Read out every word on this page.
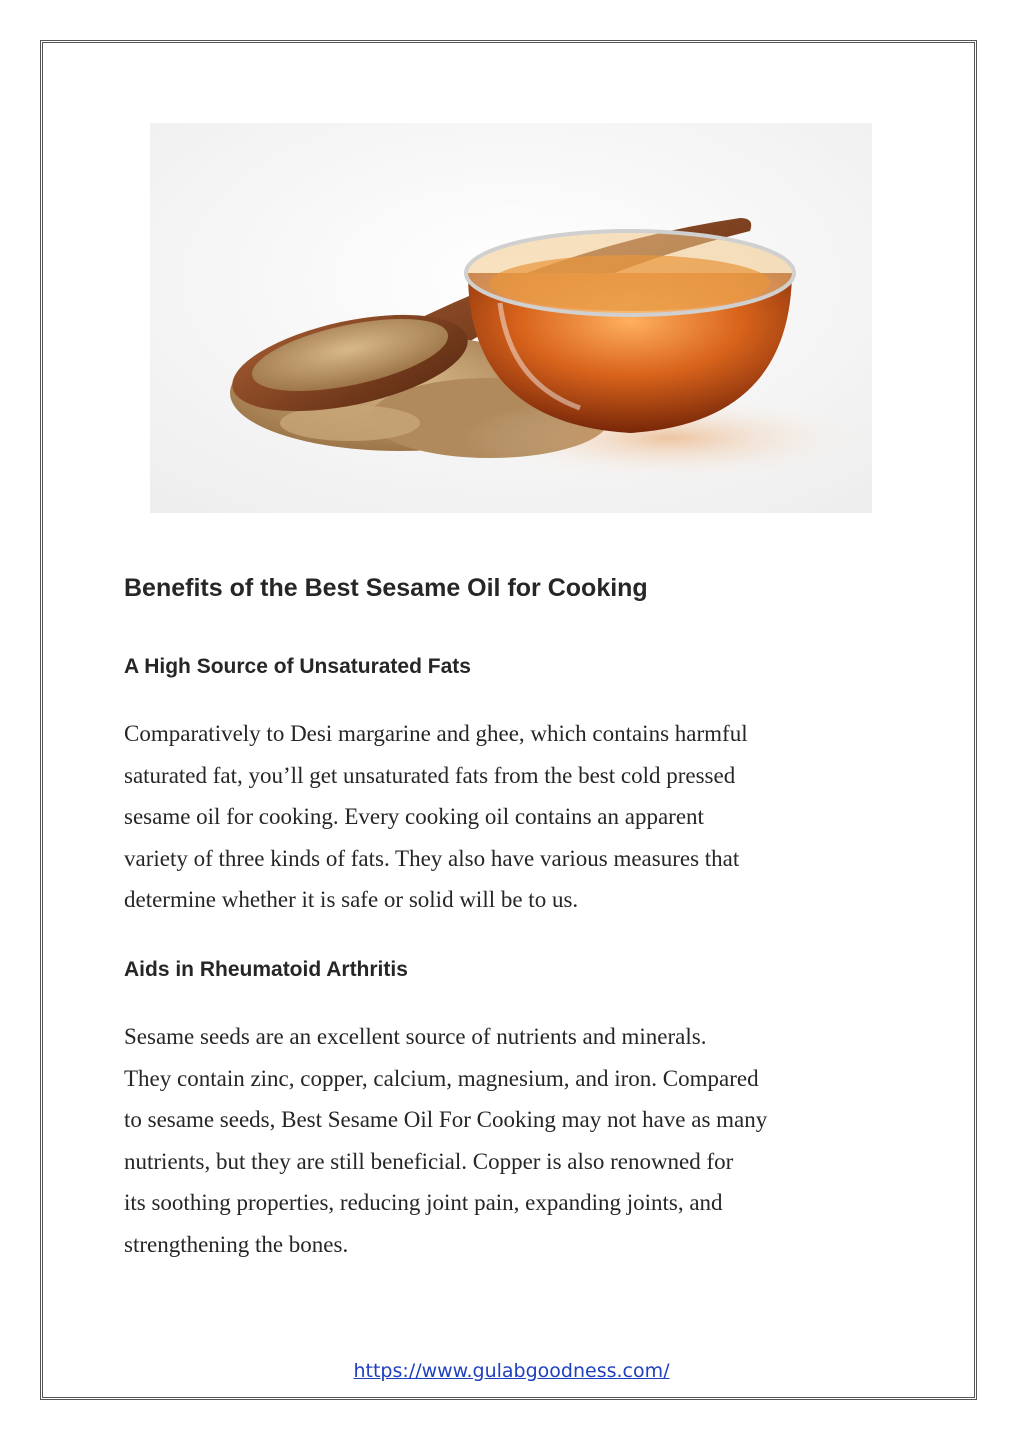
Benefits of the Best Sesame Oil for Cooking
A High Source of Unsaturated Fats

Comparatively to Desi margarine and ghee, which contains harmful
saturated fat, you’ll get unsaturated fats from the best cold pressed
sesame oil for cooking. Every cooking oil contains an apparent
variety of three kinds of fats. They also have various measures that
determine whether it is safe or solid will be to us.

Aids in Rheumatoid Arthritis

Sesame seeds are an excellent source of nutrients and minerals.
They contain zinc, copper, calcium, magnesium, and iron. Compared
to sesame seeds, Best Sesame Oil For Cooking may not have as many
nutrients, but they are still beneficial. Copper is also renowned for
its soothing properties, reducing joint pain, expanding joints, and
strengthening the bones.

https://www.gulabgoodness.com/
